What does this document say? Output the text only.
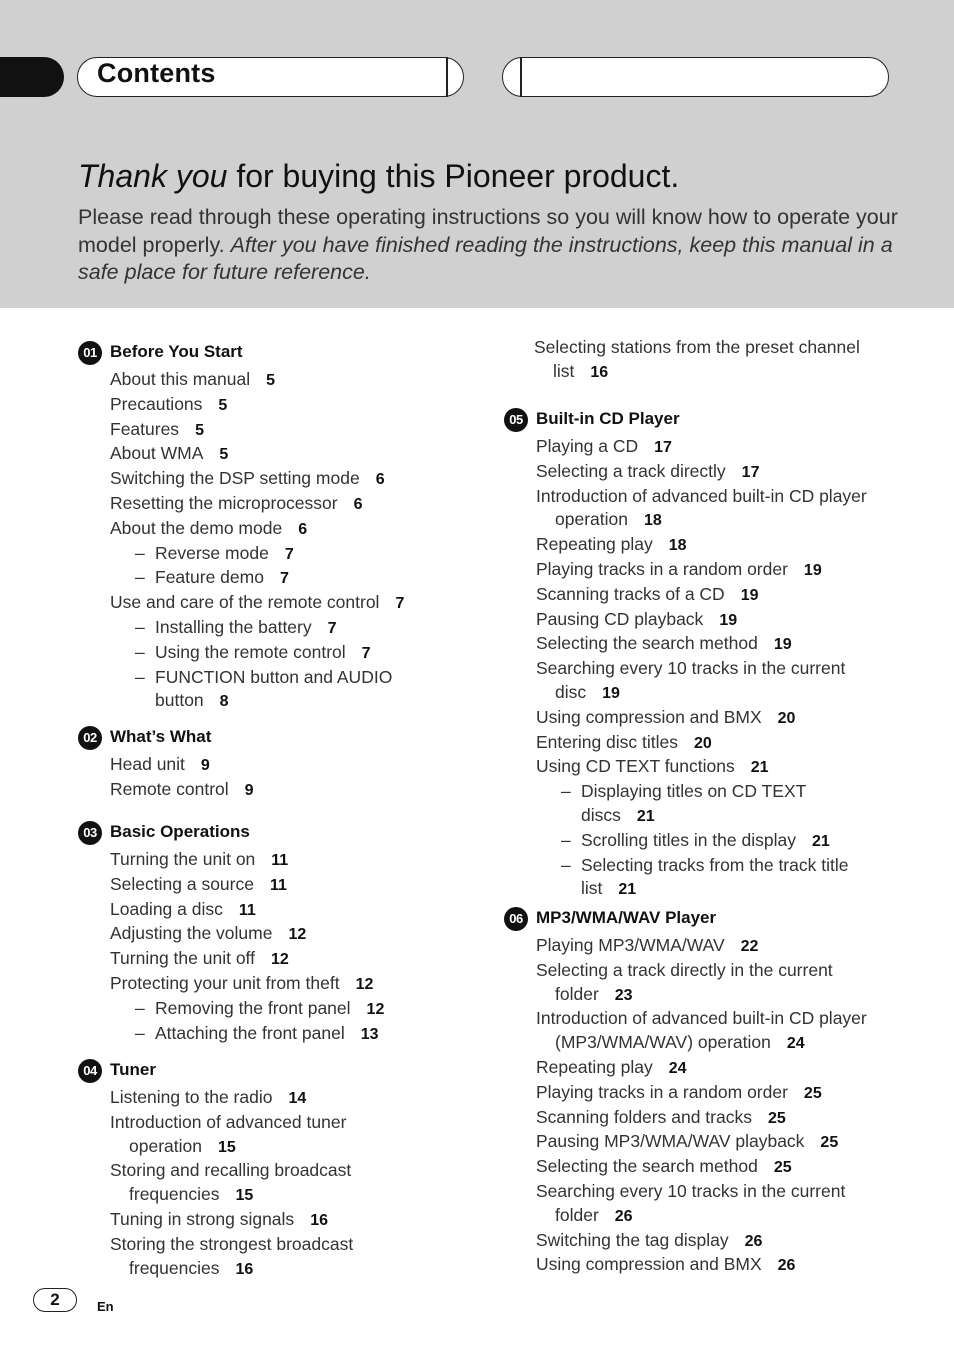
Contents
Thank you for buying this Pioneer product.
Please read through these operating instructions so you will know how to operate your model properly. After you have finished reading the instructions, keep this manual in a safe place for future reference.
01 Before You Start
About this manual 5
Precautions 5
Features 5
About WMA 5
Switching the DSP setting mode 6
Resetting the microprocessor 6
About the demo mode 6
– Reverse mode 7
– Feature demo 7
Use and care of the remote control 7
– Installing the battery 7
– Using the remote control 7
– FUNCTION button and AUDIO
button 8
02 What’s What
Head unit 9
Remote control 9
03 Basic Operations
Turning the unit on 11
Selecting a source 11
Loading a disc 11
Adjusting the volume 12
Turning the unit off 12
Protecting your unit from theft 12
– Removing the front panel 12
– Attaching the front panel 13
04 Tuner
Listening to the radio 14
Introduction of advanced tuner
operation 15
Storing and recalling broadcast
frequencies 15
Tuning in strong signals 16
Storing the strongest broadcast
frequencies 16
05 Built-in CD Player
Playing a CD 17
Selecting a track directly 17
Introduction of advanced built-in CD player
operation 18
Repeating play 18
Playing tracks in a random order 19
Scanning tracks of a CD 19
Pausing CD playback 19
Selecting the search method 19
Searching every 10 tracks in the current
disc 19
Using compression and BMX 20
Entering disc titles 20
Using CD TEXT functions 21
– Displaying titles on CD TEXT
discs 21
– Scrolling titles in the display 21
– Selecting tracks from the track title
list 21
06 MP3/WMA/WAV Player
Playing MP3/WMA/WAV 22
Selecting a track directly in the current
folder 23
Introduction of advanced built-in CD player
(MP3/WMA/WAV) operation 24
Repeating play 24
Playing tracks in a random order 25
Scanning folders and tracks 25
Pausing MP3/WMA/WAV playback 25
Selecting the search method 25
Searching every 10 tracks in the current
folder 26
Switching the tag display 26
Using compression and BMX 26
2	En
Selecting stations from the preset channel
list 16
